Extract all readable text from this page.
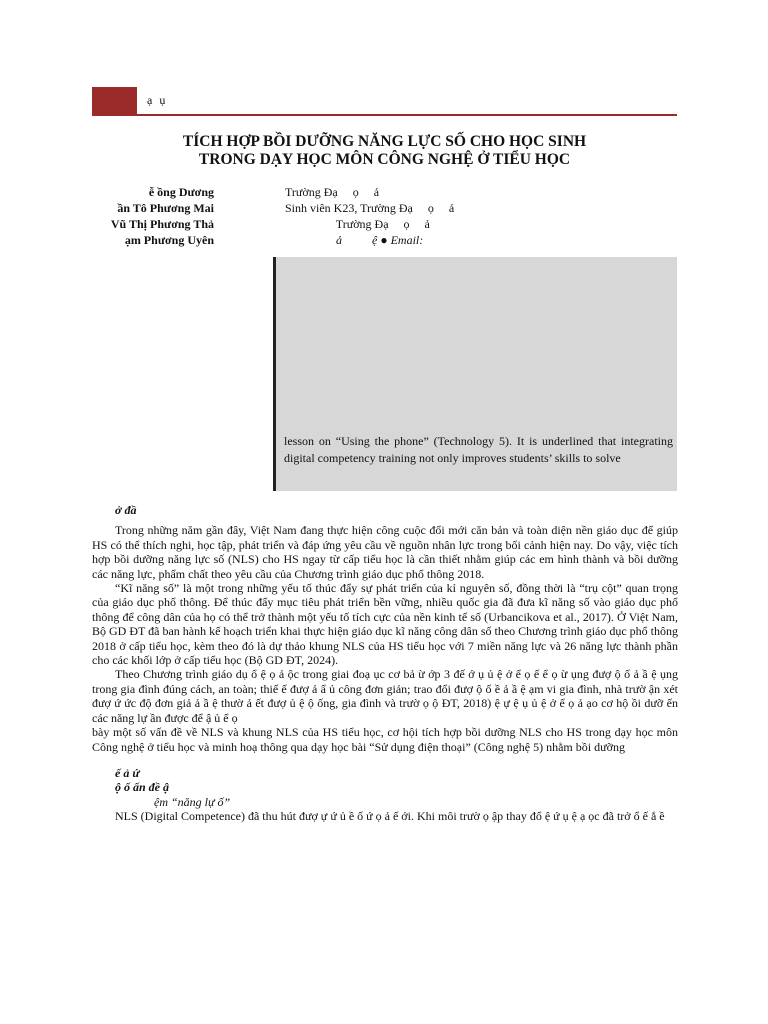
ạ ụ
TÍCH HỢP BỒI DƯỠNG NĂNG LỰC SỐ CHO HỌC SINH
TRONG DẠY HỌC MÔN CÔNG NGHỆ Ở TIỂU HỌC
ễ ồng Dương	Trường Đạ     ọ     ả
ần Tô Phương Mai	Sinh viên K23, Trường Đạ     ọ     ả
Vũ Thị Phương Thả	Trường Đạ     ọ     ả
ạm Phương Uyên	ả          ệ ● Email:

lesson on “Using the phone” (Technology 5). It is underlined that integrating digital competency training not only improves students’ skills to solve

ở đầ

Trong những năm gần đây, Việt Nam đang thực hiện công cuộc đổi mới căn bản và toàn diện nền giáo dục để giúp HS có thể thích nghi, học tập, phát triển và đáp ứng yêu cầu về nguồn nhân lực trong bối cảnh hiện nay. Do vậy, việc tích hợp bồi dưỡng năng lực số (NLS) cho HS ngay từ cấp tiểu học là cần thiết nhằm giúp các em hình thành và bồi dưỡng các năng lực, phẩm chất theo yêu cầu của Chương trình giáo dục phổ thông 2018.

“Kĩ năng số” là một trong những yếu tố thúc đẩy sự phát triển của kỉ nguyên số, đồng thời là “trụ cột” quan trọng của giáo dục phổ thông. Để thúc đẩy mục tiêu phát triển bền vững, nhiều quốc gia đã đưa kĩ năng số vào giáo dục phổ thông để công dân của họ có thể trở thành một yếu tố tích cực của nền kinh tế số (Urbancikova et al., 2017). Ở Việt Nam, Bộ GD ĐT đã ban hành kế hoạch triển khai thực hiện giáo dục kĩ năng công dân số theo Chương trình giáo dục phổ thông 2018 ở cấp tiểu học, kèm theo đó là dự thảo khung NLS của HS tiểu học với 7 miền năng lực và 26 năng lực thành phần cho các khối lớp ở cấp tiểu học (Bộ GD ĐT, 2024).

Theo Chương trình giáo dụ ổ ệ ọ ả ộc trong giai đoạ ục cơ bả ừ ớp 3 đế ớ ụ ủ ệ ở ể ọ ế ể ọ ừ ụng đượ ộ ố ả ầ ệ ụng trong gia đình đúng cách, an toàn; thiế ế đượ ả ẩ ủ công đơn giản; trao đổi đượ ộ ố ề ả ầ ệ ạm vi gia đình, nhà trườ ận xét đượ ứ ức độ đơn giả ả ầ ệ thườ ả ết đượ ủ ệ ộ ống, gia đình và trườ ọ ộ ĐT, 2018) ệ ự ệ ụ ủ ệ ở ể ọ ả ạo cơ hộ ồi dưỡ ến các năng lự ần được để ậ ủ ể ọ

bày một số vấn đề về NLS và khung NLS của HS tiểu học, cơ hội tích hợp bồi dưỡng NLS cho HS trong dạy học môn Công nghệ ở tiểu học và minh hoạ thông qua dạy học bài “Sử dụng điện thoại” (Công nghệ 5) nhằm bồi dưỡng

ế ả ứ

ộ ố ấn đề ậ

ệm “năng lự ố”

NLS (Digital Competence) đã thu hút đượ ự ứ ủ ề ố ứ ọ ả ế ới. Khi môi trườ ọ ập thay đổ ệ ứ ụ ệ ạ ọc đã trở ổ ế ắ ề
